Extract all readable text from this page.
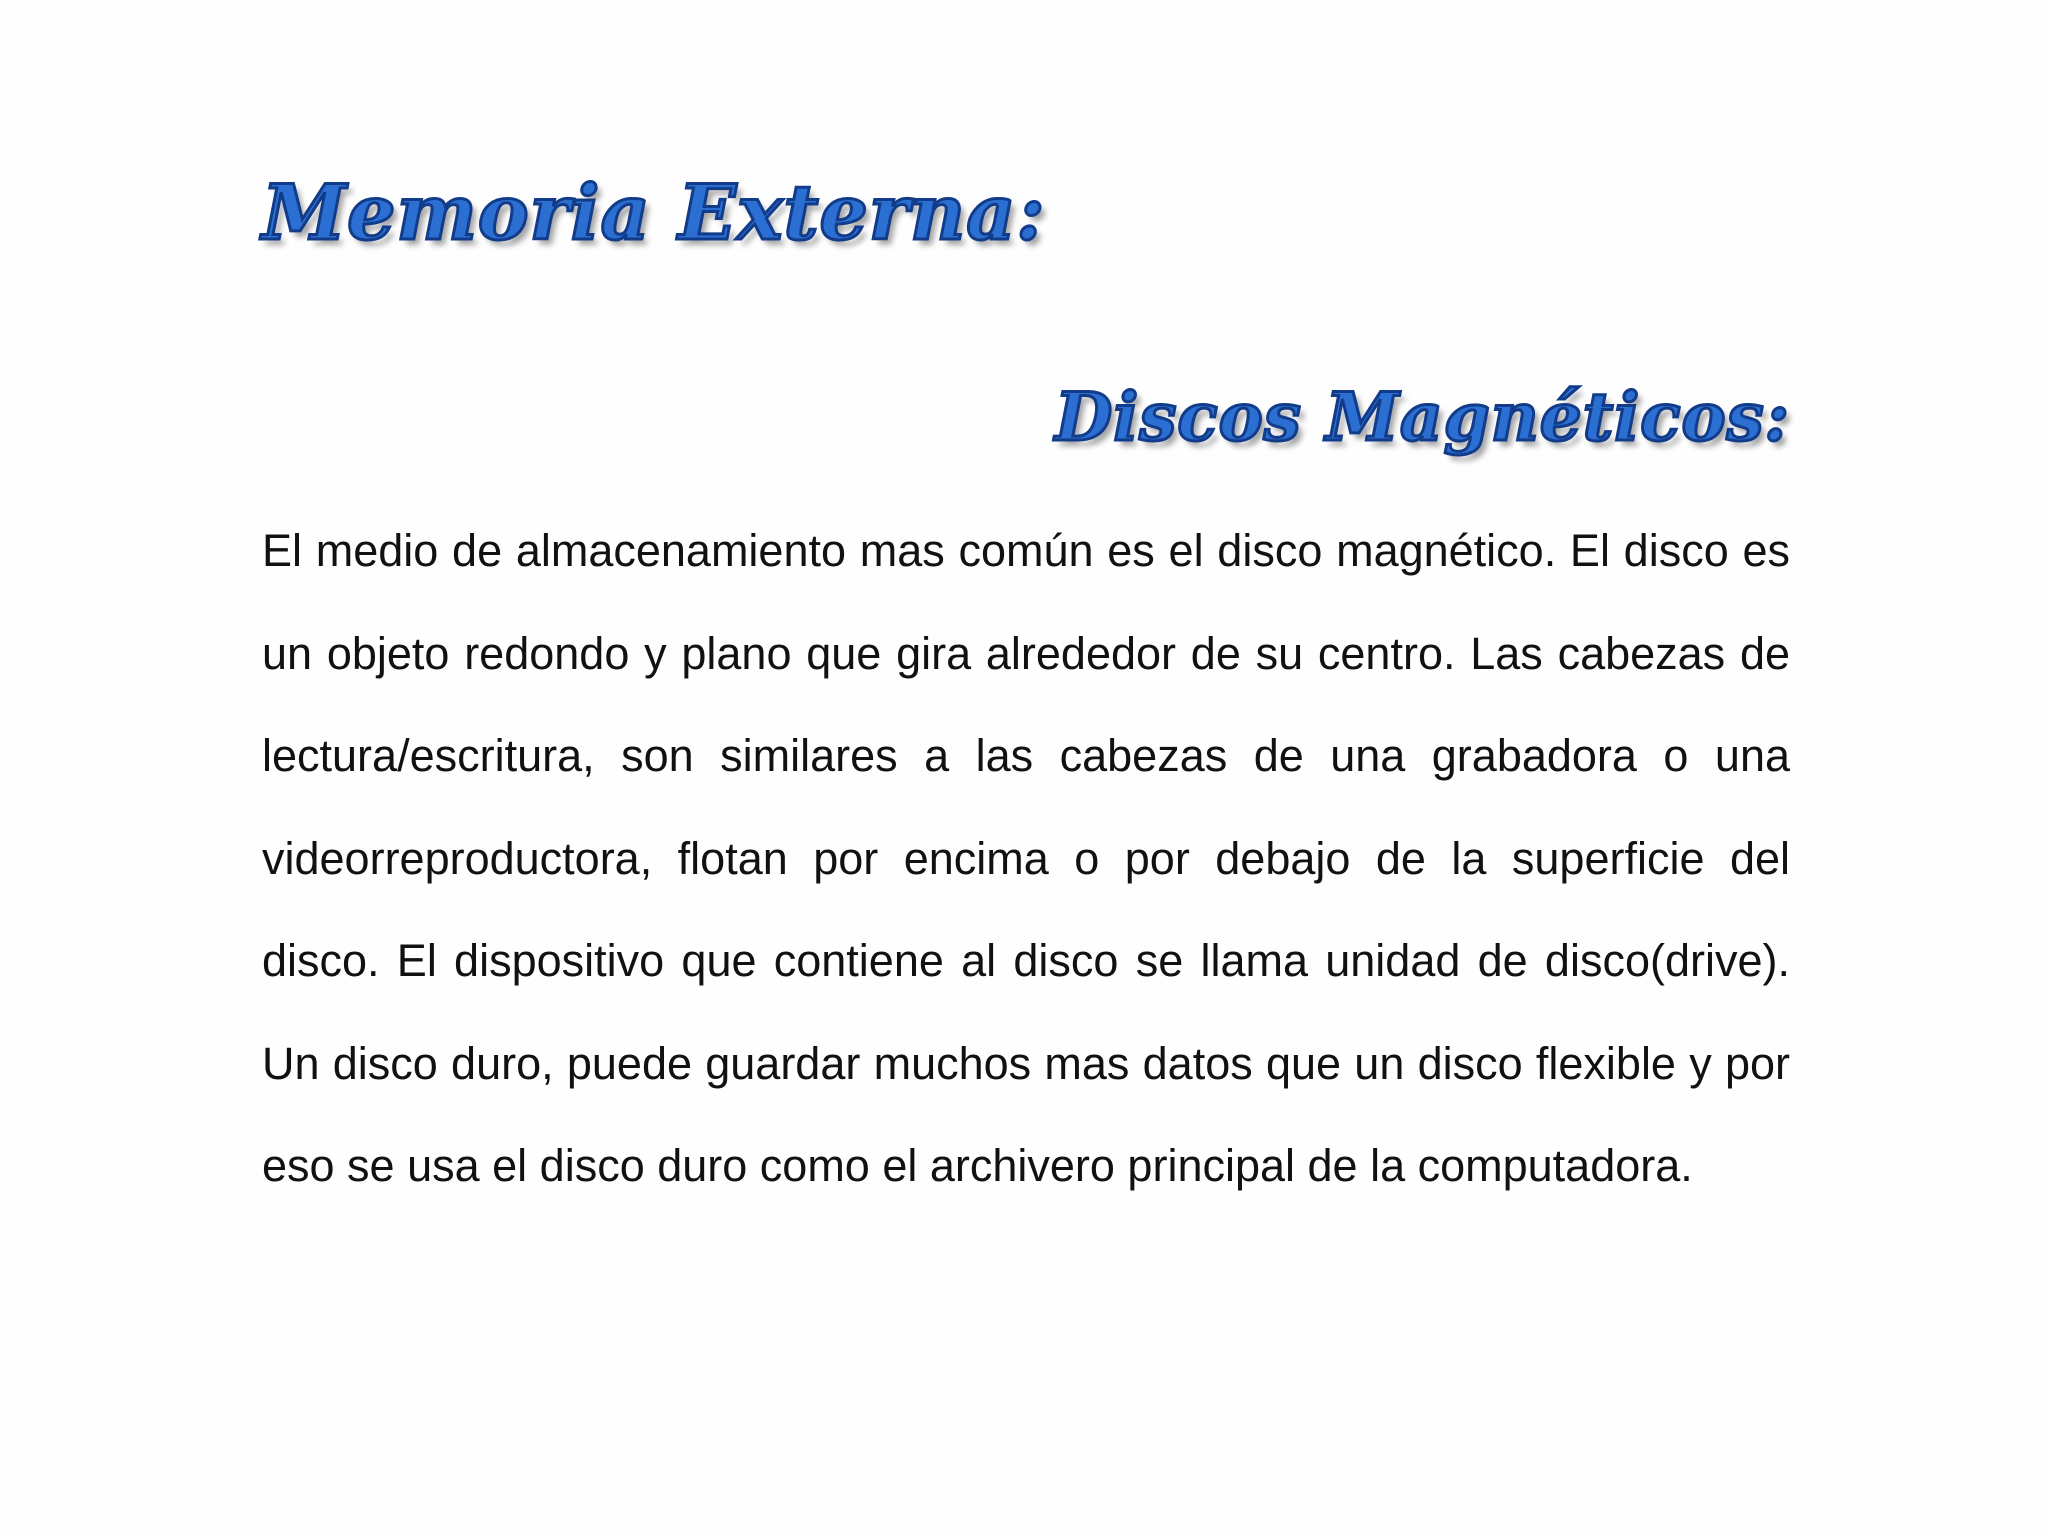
Memoria Externa:
Discos Magnéticos:

El medio de almacenamiento mas común es el disco magnético. El disco es un objeto redondo y plano que gira alrededor de su centro. Las cabezas de lectura/escritura, son similares a las cabezas de una grabadora o una videorreproductora, flotan por encima o por debajo de la superficie del disco. El dispositivo que contiene al disco se llama unidad de disco(drive). Un disco duro, puede guardar muchos mas datos que un disco flexible y por eso se usa el disco duro como el archivero principal de la computadora.
